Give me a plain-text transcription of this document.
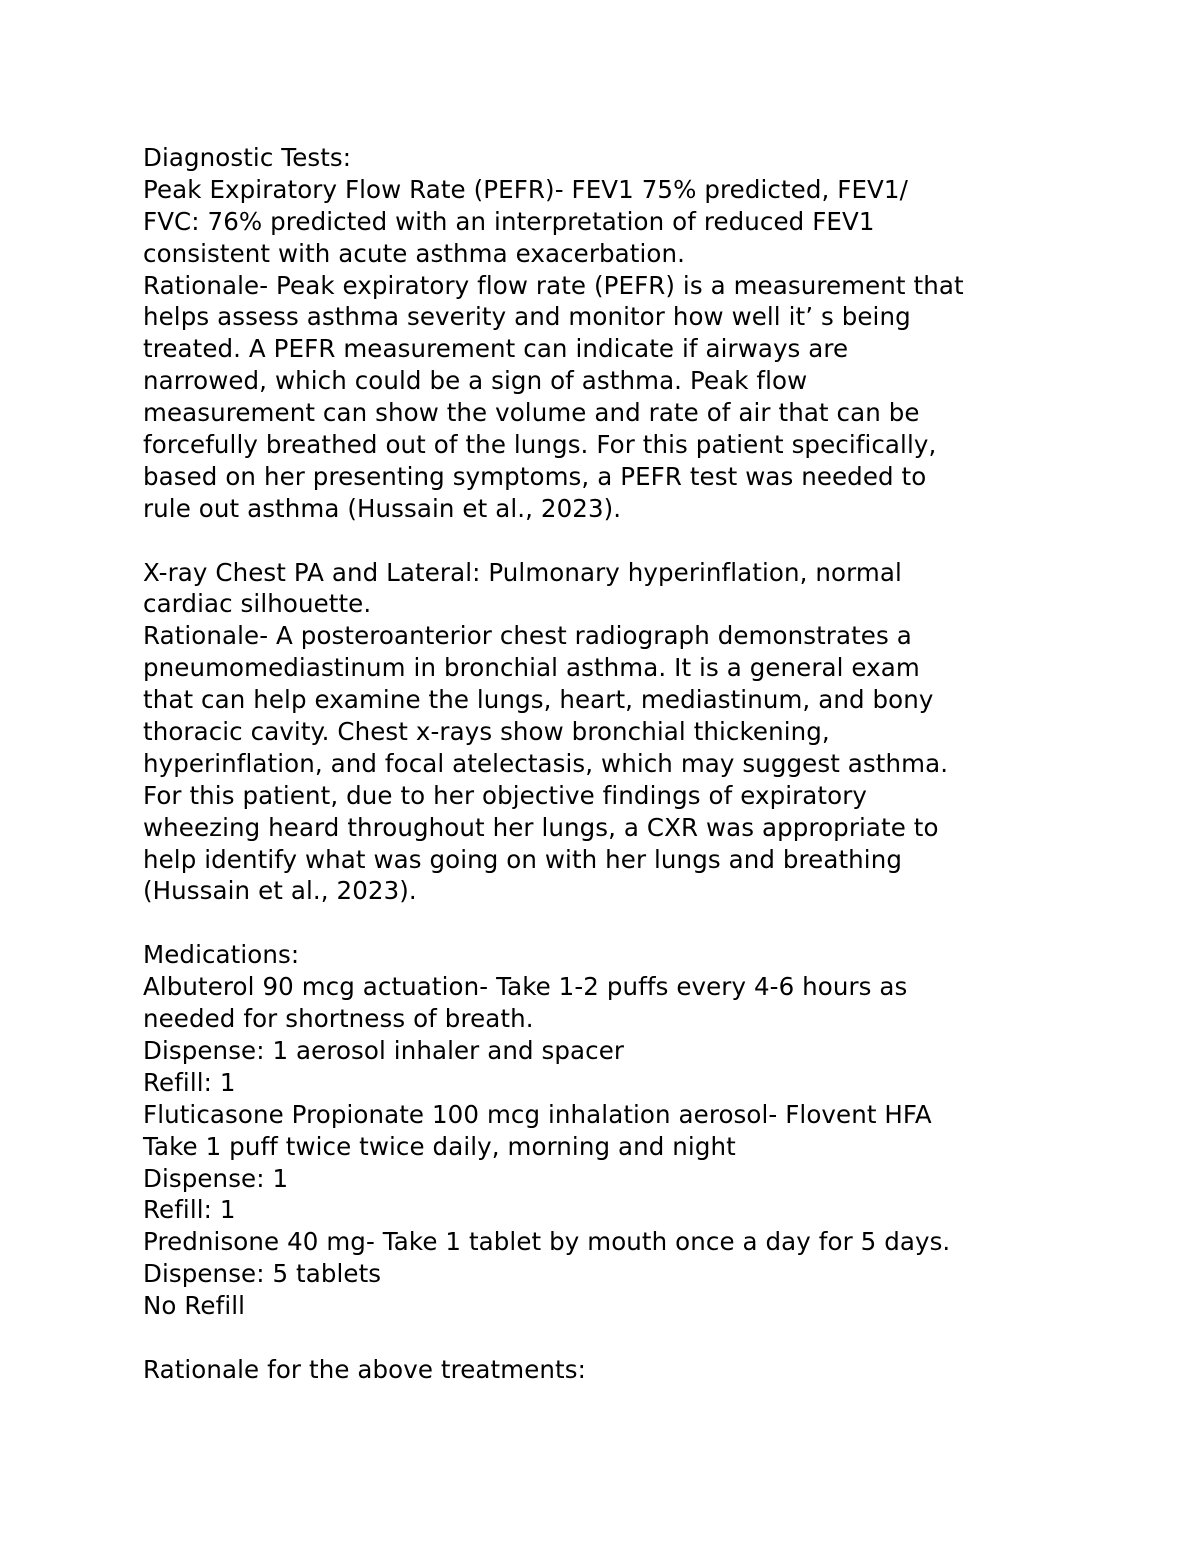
Diagnostic Tests:
Peak Expiratory Flow Rate (PEFR)- FEV1 75% predicted, FEV1/
FVC: 76% predicted with an interpretation of reduced FEV1
consistent with acute asthma exacerbation.
Rationale- Peak expiratory flow rate (PEFR) is a measurement that
helps assess asthma severity and monitor how well it’ s being
treated. A PEFR measurement can indicate if airways are
narrowed, which could be a sign of asthma. Peak flow
measurement can show the volume and rate of air that can be
forcefully breathed out of the lungs. For this patient specifically,
based on her presenting symptoms, a PEFR test was needed to
rule out asthma (Hussain et al., 2023).
X-ray Chest PA and Lateral: Pulmonary hyperinflation, normal
cardiac silhouette.
Rationale- A posteroanterior chest radiograph demonstrates a
pneumomediastinum in bronchial asthma. It is a general exam
that can help examine the lungs, heart, mediastinum, and bony
thoracic cavity. Chest x-rays show bronchial thickening,
hyperinflation, and focal atelectasis, which may suggest asthma.
For this patient, due to her objective findings of expiratory
wheezing heard throughout her lungs, a CXR was appropriate to
help identify what was going on with her lungs and breathing
(Hussain et al., 2023).
Medications:
Albuterol 90 mcg actuation- Take 1-2 puffs every 4-6 hours as
needed for shortness of breath.
Dispense: 1 aerosol inhaler and spacer
Refill: 1
Fluticasone Propionate 100 mcg inhalation aerosol- Flovent HFA
Take 1 puff twice twice daily, morning and night
Dispense: 1
Refill: 1
Prednisone 40 mg- Take 1 tablet by mouth once a day for 5 days.
Dispense: 5 tablets
No Refill
Rationale for the above treatments:
